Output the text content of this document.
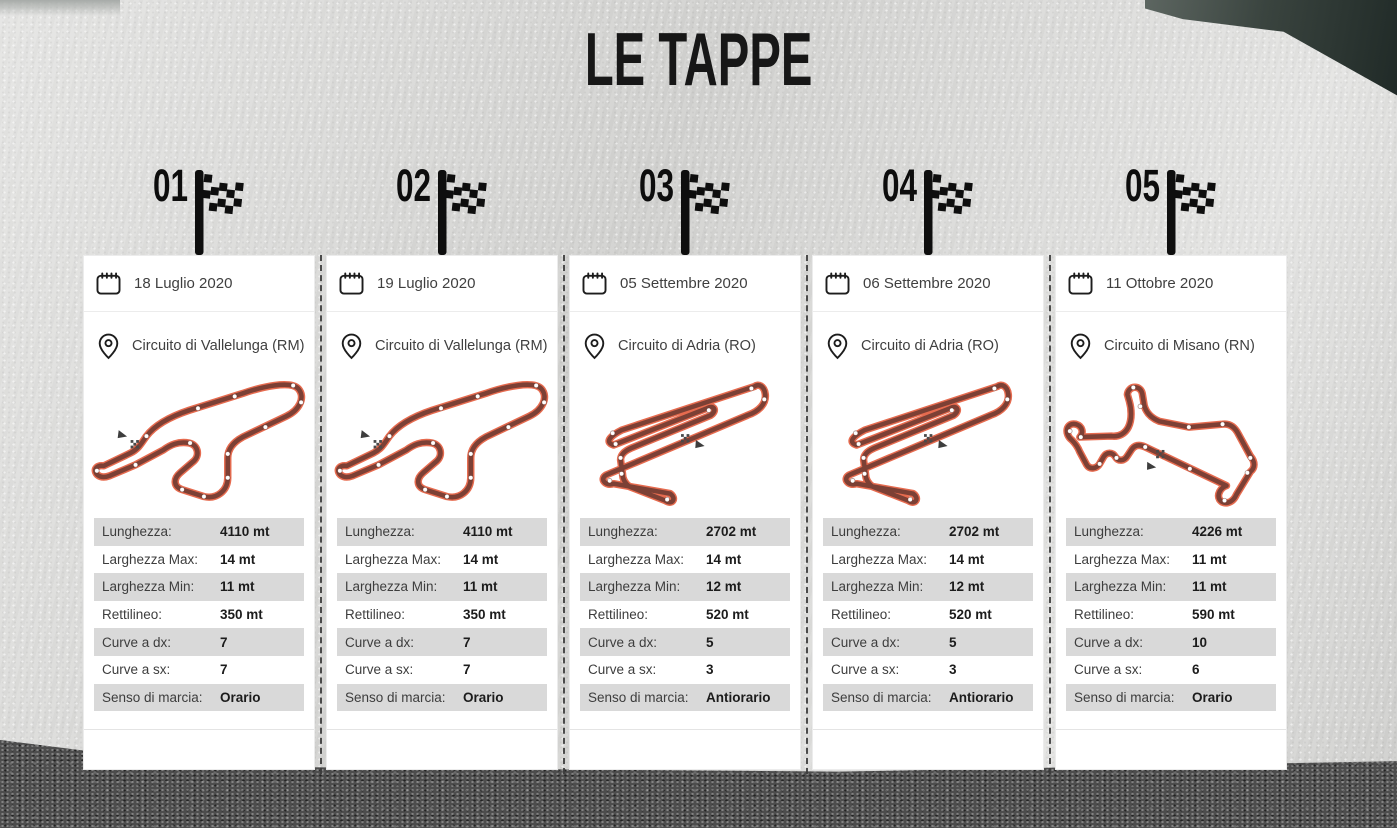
LE TAPPE
01
18 Luglio 2020
Circuito di Vallelunga (RM)
Lunghezza:	4110 mt
Larghezza Max:	14 mt
Larghezza Min:	11 mt
Rettilineo:	350 mt
Curve a dx:	7
Curve a sx:	7
Senso di marcia:	Orario
02
19 Luglio 2020
Circuito di Vallelunga (RM)
Lunghezza:	4110 mt
Larghezza Max:	14 mt
Larghezza Min:	11 mt
Rettilineo:	350 mt
Curve a dx:	7
Curve a sx:	7
Senso di marcia:	Orario
03
05 Settembre 2020
Circuito di Adria (RO)
Lunghezza:	2702 mt
Larghezza Max:	14 mt
Larghezza Min:	12 mt
Rettilineo:	520 mt
Curve a dx:	5
Curve a sx:	3
Senso di marcia:	Antiorario
04
06 Settembre 2020
Circuito di Adria (RO)
Lunghezza:	2702 mt
Larghezza Max:	14 mt
Larghezza Min:	12 mt
Rettilineo:	520 mt
Curve a dx:	5
Curve a sx:	3
Senso di marcia:	Antiorario
05
11 Ottobre 2020
Circuito di Misano (RN)
Lunghezza:	4226 mt
Larghezza Max:	11 mt
Larghezza Min:	11 mt
Rettilineo:	590 mt
Curve a dx:	10
Curve a sx:	6
Senso di marcia:	Orario
